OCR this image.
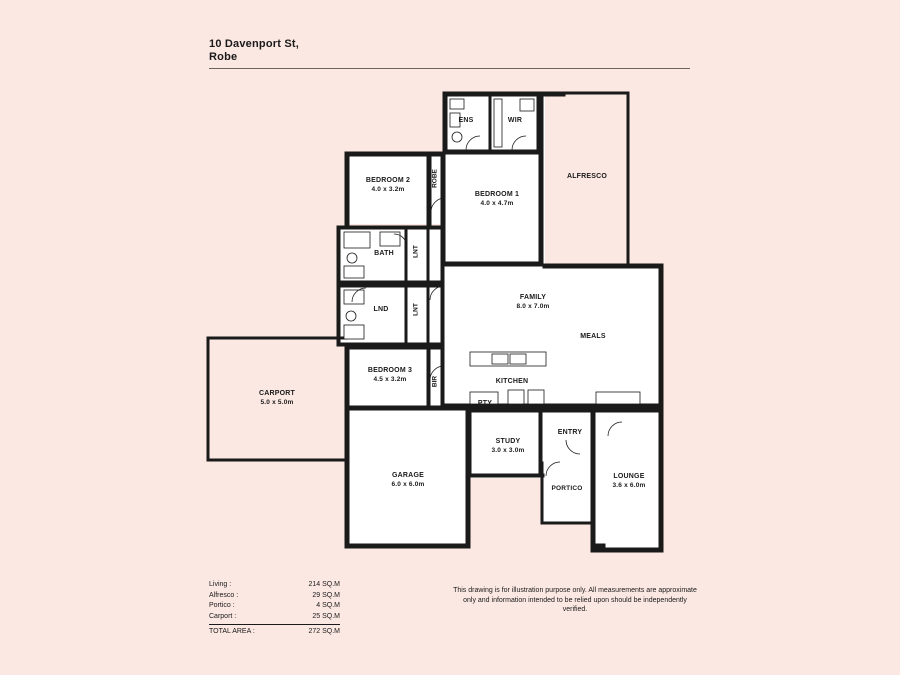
10 Davenport St,
Robe
ENS	WIR
ALFRESCO
BEDROOM 2
4.0 x 3.2m
BEDROOM 1
4.0 x 4.7m
ROBE
BATH	LNT
FAMILY
8.0 x 7.0m
MEALS
LND	LNT
CARPORT
5.0 x 5.0m
BEDROOM 3
4.5 x 3.2m	BIR	KITCHEN
PTY
STUDY
3.0 x 3.0m
ENTRY
GARAGE
6.0 x 6.0m
PORTICO
LOUNGE
3.6 x 6.0m
Living :	214 SQ.M
Alfresco :	29 SQ.M
Portico :	4 SQ.M
Carport :	25 SQ.M
TOTAL AREA :	272 SQ.M
This drawing is for illustration purpose only. All measurements are approximate only and information intended to be relied upon should be independently verified.
